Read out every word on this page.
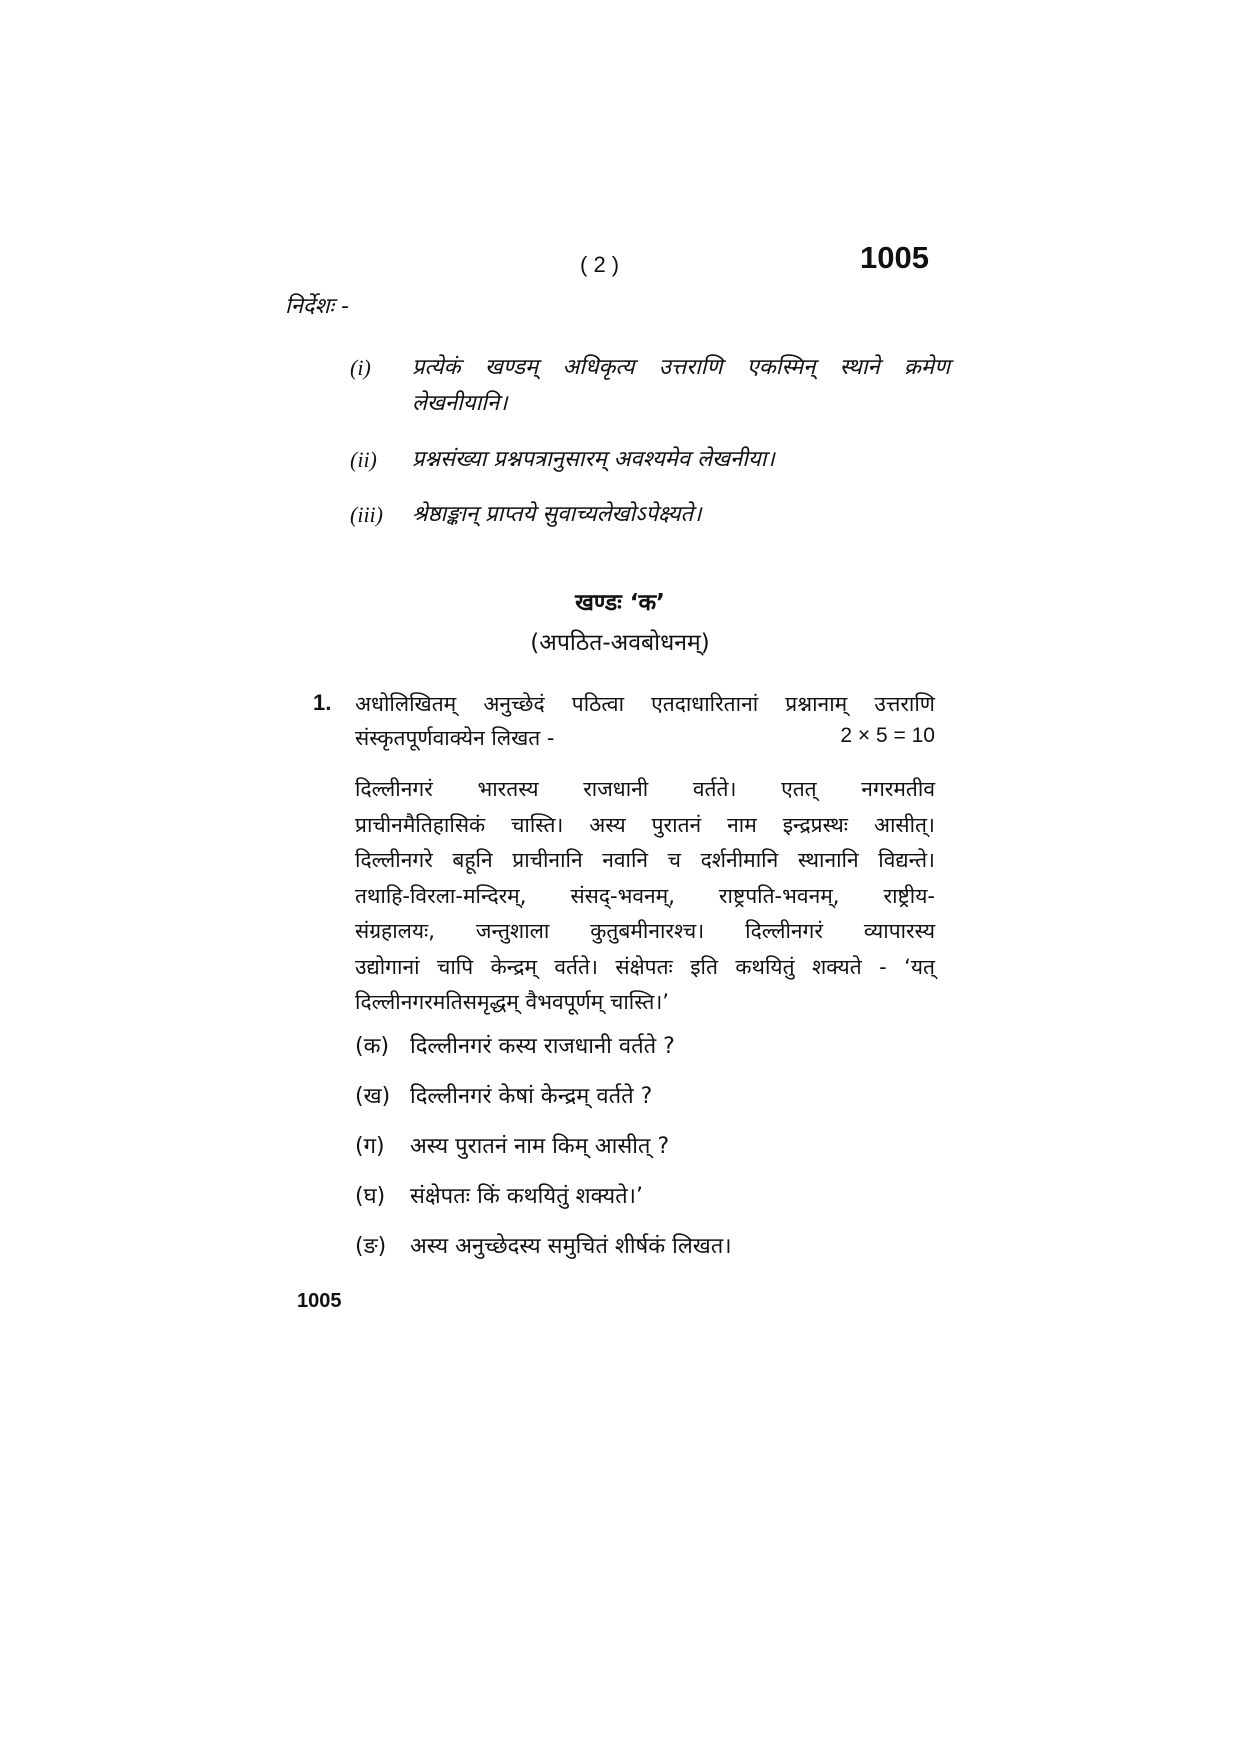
( 2 )	1005
निर्देशः -
(i) प्रत्येकं खण्डम् अधिकृत्य उत्तराणि एकस्मिन् स्थाने क्रमेण
लेखनीयानि।
(ii) प्रश्नसंख्या प्रश्नपत्रानुसारम् अवश्यमेव लेखनीया।
(iii) श्रेष्ठाङ्कान् प्राप्तये सुवाच्यलेखोऽपेक्ष्यते।
खण्डः ‘क’
(अपठित-अवबोधनम्)
1. अधोलिखितम् अनुच्छेदं पठित्वा एतदाधारितानां प्रश्नानाम् उत्तराणि
संस्कृतपूर्णवाक्येन लिखत -	2 × 5 = 10
दिल्लीनगरं भारतस्य राजधानी वर्तते। एतत् नगरमतीव
प्राचीनमैतिहासिकं चास्ति। अस्य पुरातनं नाम इन्द्रप्रस्थः आसीत्।
दिल्लीनगरे बहूनि प्राचीनानि नवानि च दर्शनीमानि स्थानानि विद्यन्ते।
तथाहि-विरला-मन्दिरम्, संसद्-भवनम्, राष्ट्रपति-भवनम्, राष्ट्रीय-
संग्रहालयः, जन्तुशाला कुतुबमीनारश्च। दिल्लीनगरं व्यापारस्य
उद्योगानां चापि केन्द्रम् वर्तते। संक्षेपतः इति कथयितुं शक्यते - ‘यत्
दिल्लीनगरमतिसमृद्धम् वैभवपूर्णम् चास्ति।’
(क) दिल्लीनगरं कस्य राजधानी वर्तते ?
(ख) दिल्लीनगरं केषां केन्द्रम् वर्तते ?
(ग) अस्य पुरातनं नाम किम् आसीत् ?
(घ) संक्षेपतः किं कथयितुं शक्यते।’
(ङ) अस्य अनुच्छेदस्य समुचितं शीर्षकं लिखत।
1005
